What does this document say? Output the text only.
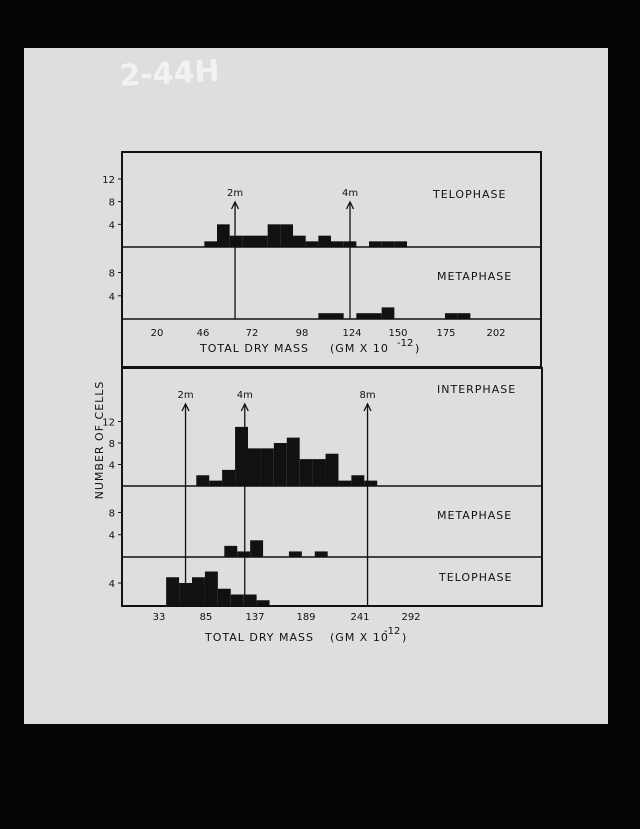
2-44H
NUMBER OF CELLS
TELOPHASE
METAPHASE
TOTAL DRY MASS (GM X 10 -12 )
INTERPHASE
METAPHASE
TELOPHASE
TOTAL DRY MASS (GM X 10
-12 )
20	46	72	98	124	150	175	202
12
8
4
8
4
2m	4m
33	85	137	189	241	292
12
8
4
8
4
4
2m	4m	8m
